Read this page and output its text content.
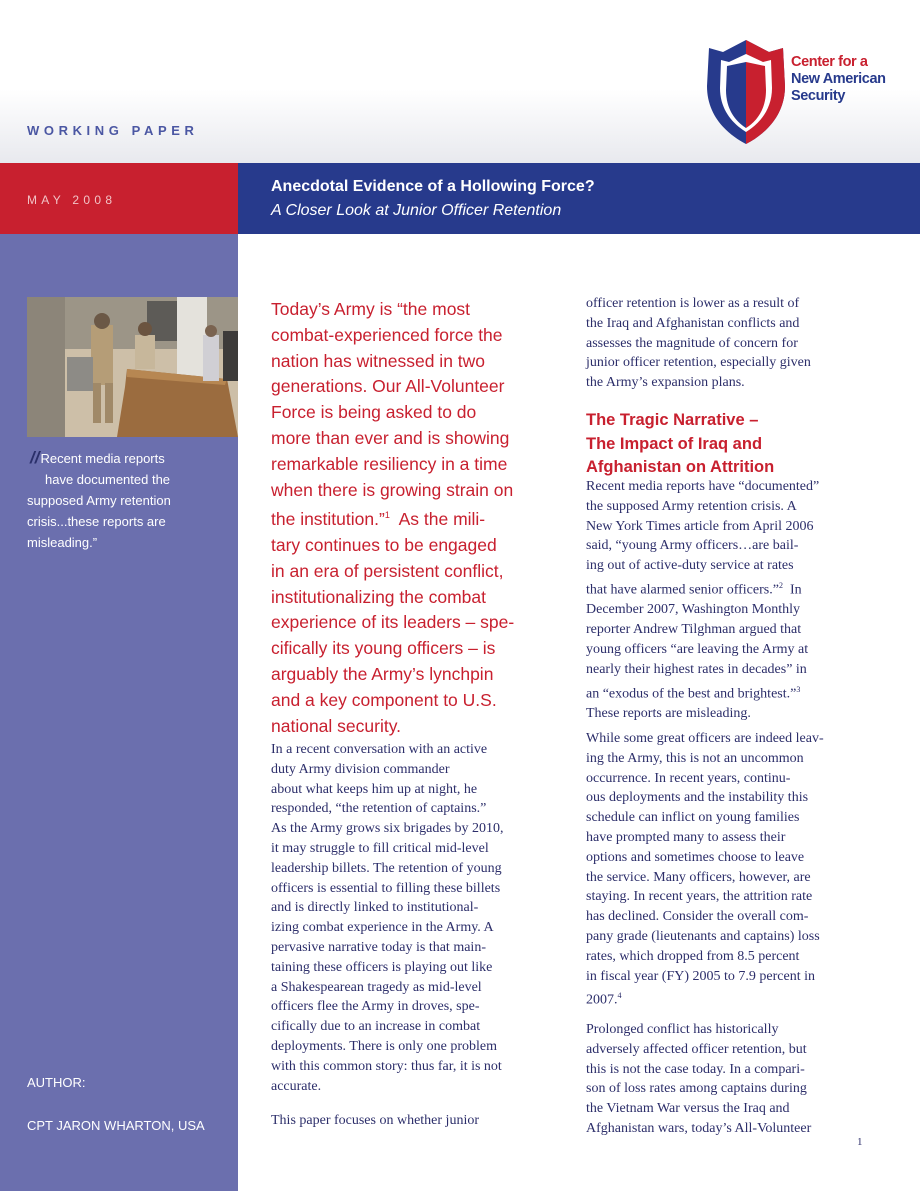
WORKING PAPER
Center for a
New American
Security
MAY 2008
Anecdotal Evidence of a Hollowing Force?
A Closer Look at Junior Officer Retention
//Recent media reports
have documented the
supposed Army retention
crisis...these reports are
misleading.”
AUTHOR:
CPT JARON WHARTON, USA
Today’s Army is “the most
combat-experienced force the
nation has witnessed in two
generations. Our All-Volunteer
Force is being asked to do
more than ever and is showing
remarkable resiliency in a time
when there is growing strain on
the institution.”$^1$ As the mili-
tary continues to be engaged
in an era of persistent conflict,
institutionalizing the combat
experience of its leaders – spe-
cifically its young officers – is
arguably the Army’s lynchpin
and a key component to U.S.
national security.
In a recent conversation with an active
duty Army division commander
about what keeps him up at night, he
responded, “the retention of captains.”
As the Army grows six brigades by 2010,
it may struggle to fill critical mid-level
leadership billets. The retention of young
officers is essential to filling these billets
and is directly linked to institutional-
izing combat experience in the Army. A
pervasive narrative today is that main-
taining these officers is playing out like
a Shakespearean tragedy as mid-level
officers flee the Army in droves, spe-
cifically due to an increase in combat
deployments. There is only one problem
with this common story: thus far, it is not
accurate.
This paper focuses on whether junior
officer retention is lower as a result of
the Iraq and Afghanistan conflicts and
assesses the magnitude of concern for
junior officer retention, especially given
the Army’s expansion plans.
The Tragic Narrative –
The Impact of Iraq and
Afghanistan on Attrition
Recent media reports have “documented”
the supposed Army retention crisis. A
New York Times article from April 2006
said, “young Army officers…are bail-
ing out of active-duty service at rates
that have alarmed senior officers.”$^2$ In
December 2007, Washington Monthly
reporter Andrew Tilghman argued that
young officers “are leaving the Army at
nearly their highest rates in decades” in
an “exodus of the best and brightest.”$^3$
These reports are misleading.
While some great officers are indeed leav-
ing the Army, this is not an uncommon
occurrence. In recent years, continu-
ous deployments and the instability this
schedule can inflict on young families
have prompted many to assess their
options and sometimes choose to leave
the service. Many officers, however, are
staying. In recent years, the attrition rate
has declined. Consider the overall com-
pany grade (lieutenants and captains) loss
rates, which dropped from 8.5 percent
in fiscal year (FY) 2005 to 7.9 percent in
2007.$^4$
Prolonged conflict has historically
adversely affected officer retention, but
this is not the case today. In a compari-
son of loss rates among captains during
the Vietnam War versus the Iraq and
Afghanistan wars, today’s All-Volunteer
1
